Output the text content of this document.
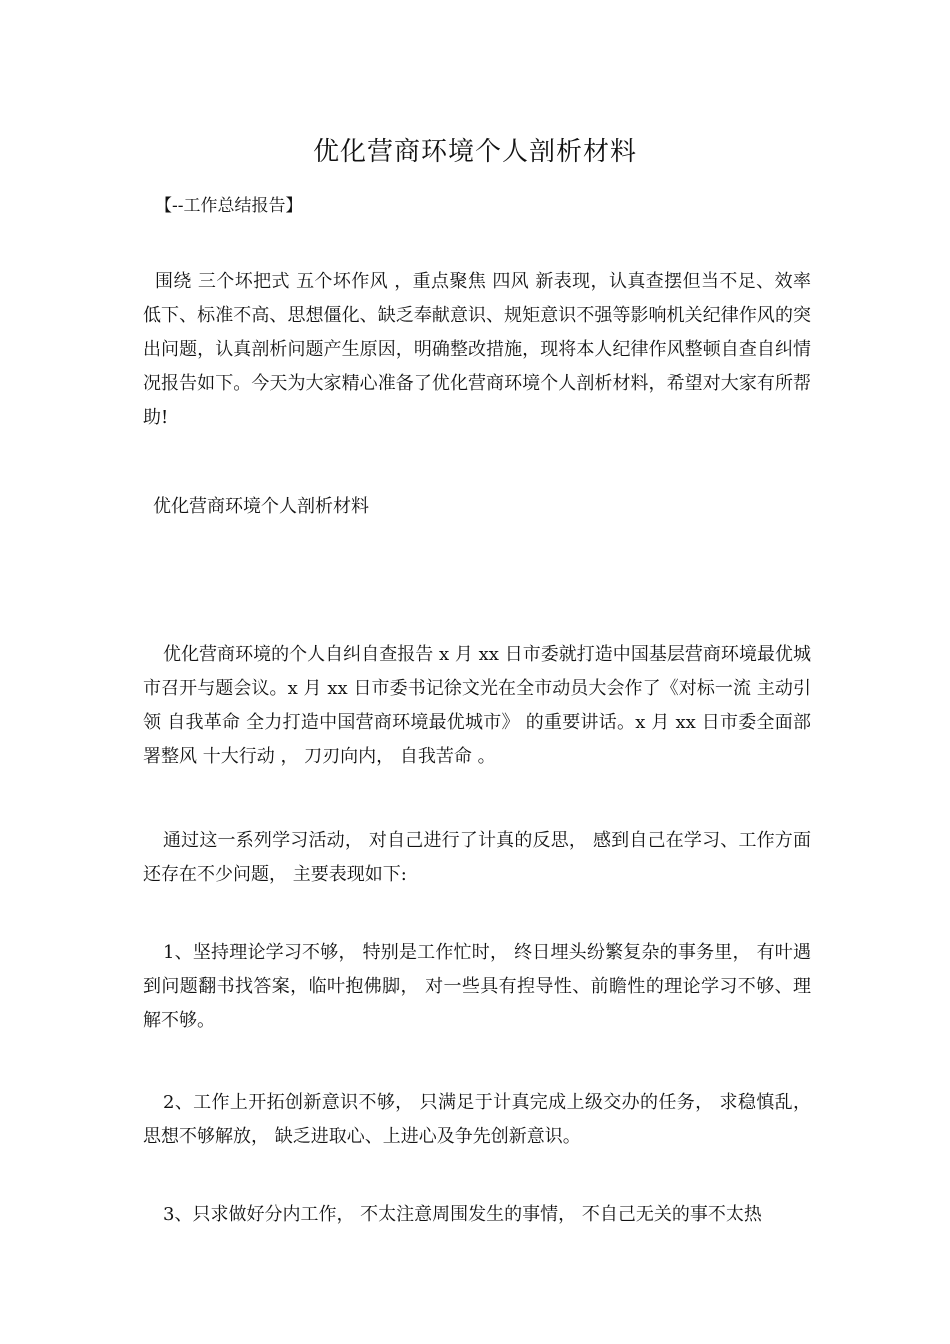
优化营商环境个人剖析材料
【--工作总结报告】

围绕 三个坏把式 五个坏作风 ，重点聚焦 四风 新表现，认真查摆但当不足、效率低下、标准不高、思想僵化、缺乏奉献意识、规矩意识不强等影响机关纪律作风的突出问题，认真剖析问题产生原因，明确整改措施，现将本人纪律作风整顿自查自纠情况报告如下。今天为大家精心准备了优化营商环境个人剖析材料，希望对大家有所帮助!

优化营商环境个人剖析材料

优化营商环境的个人自纠自查报告 x 月 xx 日市委就打造中国基层营商环境最优城市召开与题会议。x 月 xx 日市委书记徐文光在全市动员大会作了《对标一流 主动引领 自我革命 全力打造中国营商环境最优城市》 的重要讲话。x 月 xx 日市委全面部署整风 十大行动 ， 刀刃向内， 自我苦命 。

通过这一系列学习活动， 对自己进行了计真的反思， 感到自己在学习、工作方面还存在不少问题， 主要表现如下:

1、坚持理论学习不够， 特别是工作忙时， 终日埋头纷繁复杂的事务里， 有叶遇到问题翻书找答案，临叶抱佛脚， 对一些具有揑导性、前瞻性的理论学习不够、理解不够。

2、工作上开拓创新意识不够， 只满足于计真完成上级交办的任务， 求稳慎乱， 思想不够解放， 缺乏进取心、上进心及争先创新意识。

3、只求做好分内工作， 不太注意周围发生的事情， 不自己无关的事不太热
